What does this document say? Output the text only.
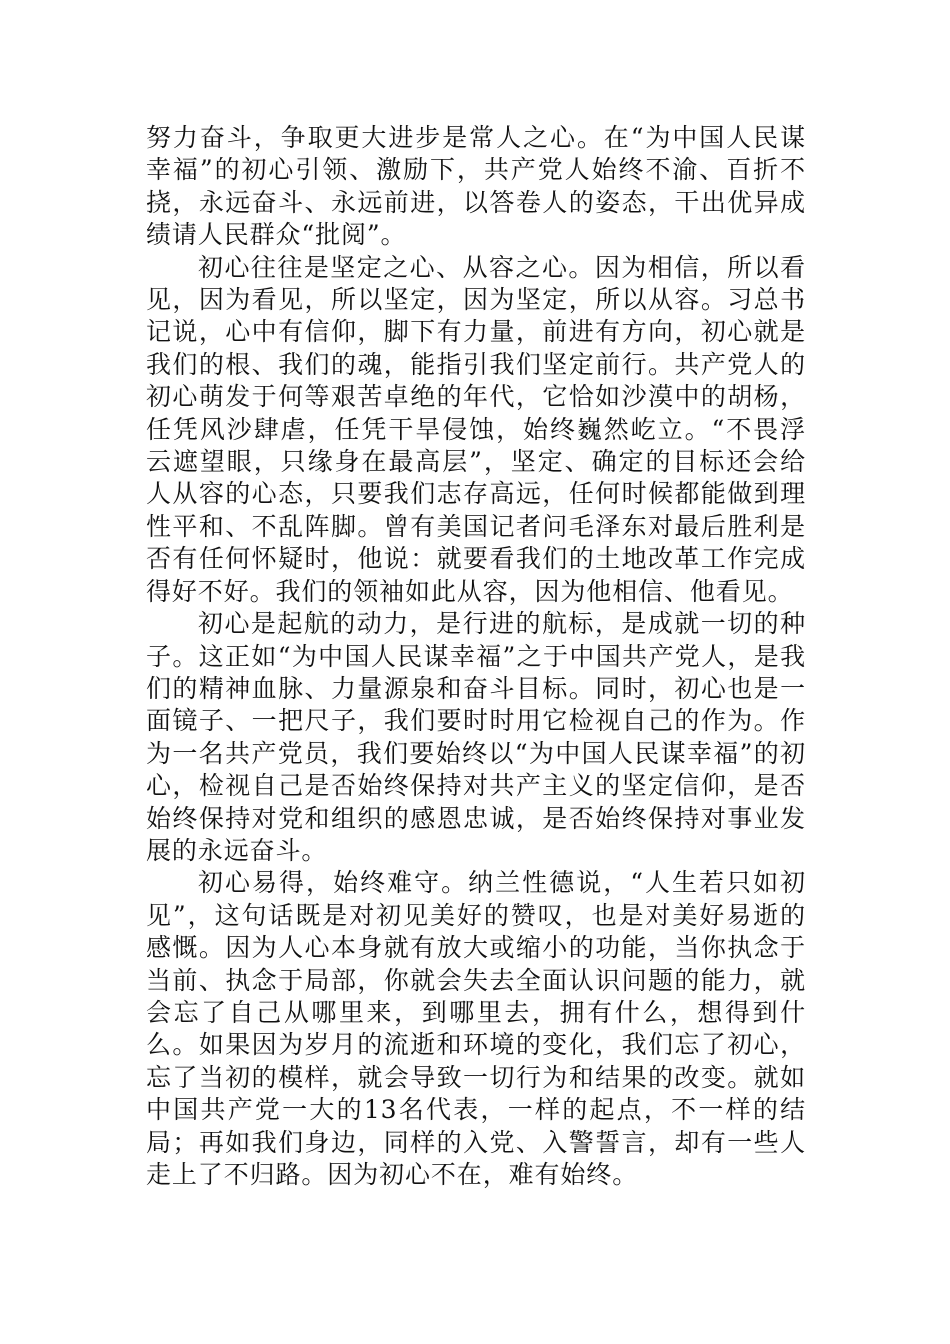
努力奋斗，争取更大进步是常人之心。在“为中国人民谋幸福”的初心引领、激励下，共产党人始终不渝、百折不挠，永远奋斗、永远前进，以答卷人的姿态，干出优异成绩请人民群众“批阅”。

初心往往是坚定之心、从容之心。因为相信，所以看见，因为看见，所以坚定，因为坚定，所以从容。习总书记说，心中有信仰，脚下有力量，前进有方向，初心就是我们的根、我们的魂，能指引我们坚定前行。共产党人的初心萌发于何等艰苦卓绝的年代，它恰如沙漠中的胡杨，任凭风沙肆虐，任凭干旱侵蚀，始终巍然屹立。“不畏浮云遮望眼，只缘身在最高层”，坚定、确定的目标还会给人从容的心态，只要我们志存高远，任何时候都能做到理性平和、不乱阵脚。曾有美国记者问毛泽东对最后胜利是否有任何怀疑时，他说：就要看我们的土地改革工作完成得好不好。我们的领袖如此从容，因为他相信、他看见。

初心是起航的动力，是行进的航标，是成就一切的种子。这正如“为中国人民谋幸福”之于中国共产党人，是我们的精神血脉、力量源泉和奋斗目标。同时，初心也是一面镜子、一把尺子，我们要时时用它检视自己的作为。作为一名共产党员，我们要始终以“为中国人民谋幸福”的初心，检视自己是否始终保持对共产主义的坚定信仰，是否始终保持对党和组织的感恩忠诚，是否始终保持对事业发展的永远奋斗。

初心易得，始终难守。纳兰性德说，“人生若只如初见”，这句话既是对初见美好的赞叹，也是对美好易逝的感慨。因为人心本身就有放大或缩小的功能，当你执念于当前、执念于局部，你就会失去全面认识问题的能力，就会忘了自己从哪里来，到哪里去，拥有什么，想得到什么。如果因为岁月的流逝和环境的变化，我们忘了初心，忘了当初的模样，就会导致一切行为和结果的改变。就如中国共产党一大的13名代表，一样的起点，不一样的结局；再如我们身边，同样的入党、入警誓言，却有一些人走上了不归路。因为初心不在，难有始终。
